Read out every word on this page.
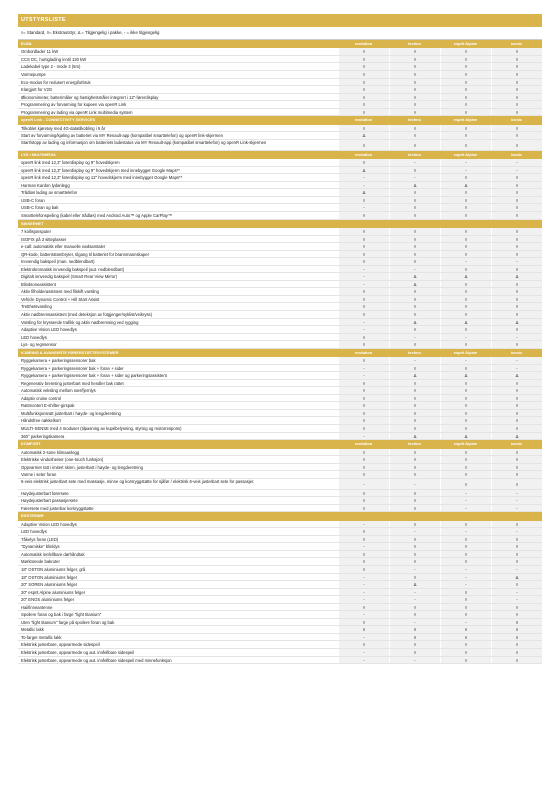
UTSTYRSLISTE
◊= Standard, ¤= Ekstrautstyr, Δ = Tilgjengelig i pakke, - = ikke tilgjengelig
ELBIL	evolution	techno	esprit Alpine	iconic
Ombordlader 11 kW	◊	◊	◊	◊
CCS DC, hurtiglading inntil 130 kW	◊	◊	◊	◊
Ladekabel type 2 - mode 3 (5m)	◊	◊	◊	◊
Varmepumpe	◊	◊	◊	◊
Eco-modus for redusert energiforbruk	◊	◊	◊	◊
Klargjort for V2G	◊	◊	◊	◊
Økonomimeter, batterimåler og hastighetsmåler integrert i 12"-førerdisplay	◊	◊	◊	◊
Programmering av forvarming for kupeen via openR Link	◊	◊	◊	◊
Programmering av lading via openR Link multimedia system	◊	◊	◊	◊
openR Link - CONNECTIVITY SERVICES	evolution	techno	esprit Alpine	iconic
Tilkoblet kjøretøy med 4G-datatilkobling i 5 år	◊	◊	◊	◊
Start av forvarming/kjøling av batteriet via MY Renault-app (kompatibel smarttelefon) og openR link-skjermen	Δ	◊	◊	◊
Start/stopp av lading og informasjon om batteriets ladestatus via MY Renault-app (kompatibel smarttelefon) og openR Link-skjermen	◊	◊	◊	◊
LYD / MULTIMEDIA	evolution	techno	esprit Alpine	iconic
openR link med 12,3" førerdisplay og 9" hovedskjerm	◊	-	-	-
openR link med 12,3" førerdisplay og 9" hovedskjerm med innebygget Google Maps**	Δ	◊	-	-
openR link med 12,3" førerdisplay og 12" hovedskjerm med innebygget Google Maps**	-	-	◊	◊
Harman Kardon lydanlegg	-	Δ	Δ	◊
Trådløs lading av smarttelefon	Δ	◊	◊	◊
USB-C foran	◊	◊	◊	◊
USB-C foran og bak	-	◊	◊	◊
Smarttelefonspeiling (kabel eller trådløs) med Android Auto™ og Apple CarPlay™	◊	◊	◊	◊
SIKKERHET
7 kollisjonsputer	◊	◊	◊	◊
ISOFIX på 3 sitteplasser	◊	◊	◊	◊
e-call: automatisk eller manuelle nødsamtaler	◊	◊	◊	◊
QR-kode, batteristrømbryter, tilgang til batteriet for brannmannskaper	◊	◊	◊	◊
Innvendig bakspeil (man. nedblendbart)	◊	◊	-	-
Elektrokromatisk innvendig bakspeil (aut. nedblendbart)	-	-	◊	◊
Digitalt innvendig bakspeil (Smart Rear View Mirror)	-	Δ	Δ	Δ
Blindsoneassistent	-	Δ	◊	◊
Aktiv filholderassistent med filskift varsling	◊	◊	◊	◊
Vehicle Dynamic Control + Hill Start Assist	◊	◊	◊	◊
Tretthetsvarsling	◊	◊	◊	◊
Aktiv nødbremsassistent (med deteksjon av fotgjenger/syklist/veikryss)	◊	◊	◊	◊
Varsling for kryssende trafikk og aktiv nødbremsing ved rygging	-	Δ	Δ	Δ
Adaptive Vision LED hovedlys	-	◊	◊	◊
LED hovedlys	◊	-	-	-
Lys- og regnsensor	◊	◊	◊	◊
KJØRING & AVANSERTE FØRERSTØTTESYSTEMER	evolution	techno	esprit Alpine	iconic
Ryggekamera + parkeringssensorer bak	◊	-	-	-
Ryggekamera + parkeringssensorer bak + foran + sider	-	◊	◊	-
Ryggekamera + parkeringssensorer bak + foran + sider og parkeringsassistent	-	Δ	Δ	Δ
Regenerativ bremsing justerbart med hendler bak rattet	◊	◊	◊	◊
Automatisk veksling mellom nær/fjernlys	◊	◊	◊	◊
Adaptiv cruise control	◊	◊	◊	◊
Rattmontert E-shifter-girspak	◊	◊	◊	◊
Multifunksjonsratt justerbart i høyde- og lengderetning	◊	◊	◊	◊
Håndsfree nøkkelkort	◊	◊	◊	◊
MULTI-SENSE med 4 moduser (tilpasning av kupébelysning, styring og motorrespons)	◊	◊	◊	◊
360° parkeringskamera	-	Δ	Δ	Δ
KOMFORT	evolution	techno	esprit Alpine	iconic
Automatisk 2-sone klimaanlegg	◊	◊	◊	◊
Elektriske vindusheiser (one-touch funksjon)	◊	◊	◊	◊
Oppvarmet ratt i imitert skinn, justerbart i høyde- og lengderetning	◊	◊	◊	◊
Varme i seter foran	◊	◊	◊	◊
6-veis elektrisk justerbart sete med massasje, minne og korsryggstøtte for sjåfør / elektrisk 6-veis justerbart sete for passasjer.	-	-	◊	◊
Høydejusterbart førersete	◊	◊	-	-
Høydejusterbart passasjersete	◊	◊	-	-
Førersete med justerbar korsryggstøtte	◊	◊	-	-
EKSTERIØR
Adaptive Vision LED hovedlys	-	◊	◊	◊
LED hovedlys	◊	-	-	-
Tåkelys foran (LED)	◊	◊	◊	◊
"Dynamiske" blinklys	-	◊	◊	◊
Automatisk innfellbare dørhåndtak	◊	◊	◊	◊
Mørktonede bakruter	◊	◊	◊	◊
18" OSTON aluminiums felger, grå	◊	-	-	-
18" OSTON aluminiums felger	-	◊	-	Δ
20" SOREN aluminiums felger	-	Δ	-	◊
20" esprit Alpine aluminiums felger	-	-	◊	-
20" ENOS aluminiums felger	-	-	◊	-
Haiifinneantenne	◊	◊	◊	◊
Spoilere foran og bak i farge "light titanium"	-	◊	◊	◊
Uten "light titanium" farge på spoilere foran og bak	◊	-	-	¤
Metallic lakk	¤	¤	¤	¤
To-farget metallic lakk	-	¤	¤	¤
Elektrisk justerbare, oppvarmede sidespeil	◊	◊	◊	◊
Elektrisk justerbare, oppvarmede og aut. innfellbare sidespeil	-	◊	◊	◊
Elektrisk justerbare, oppvarmede og aut. innfellbare sidespeil med minnefunksjon	-	-	◊	◊
